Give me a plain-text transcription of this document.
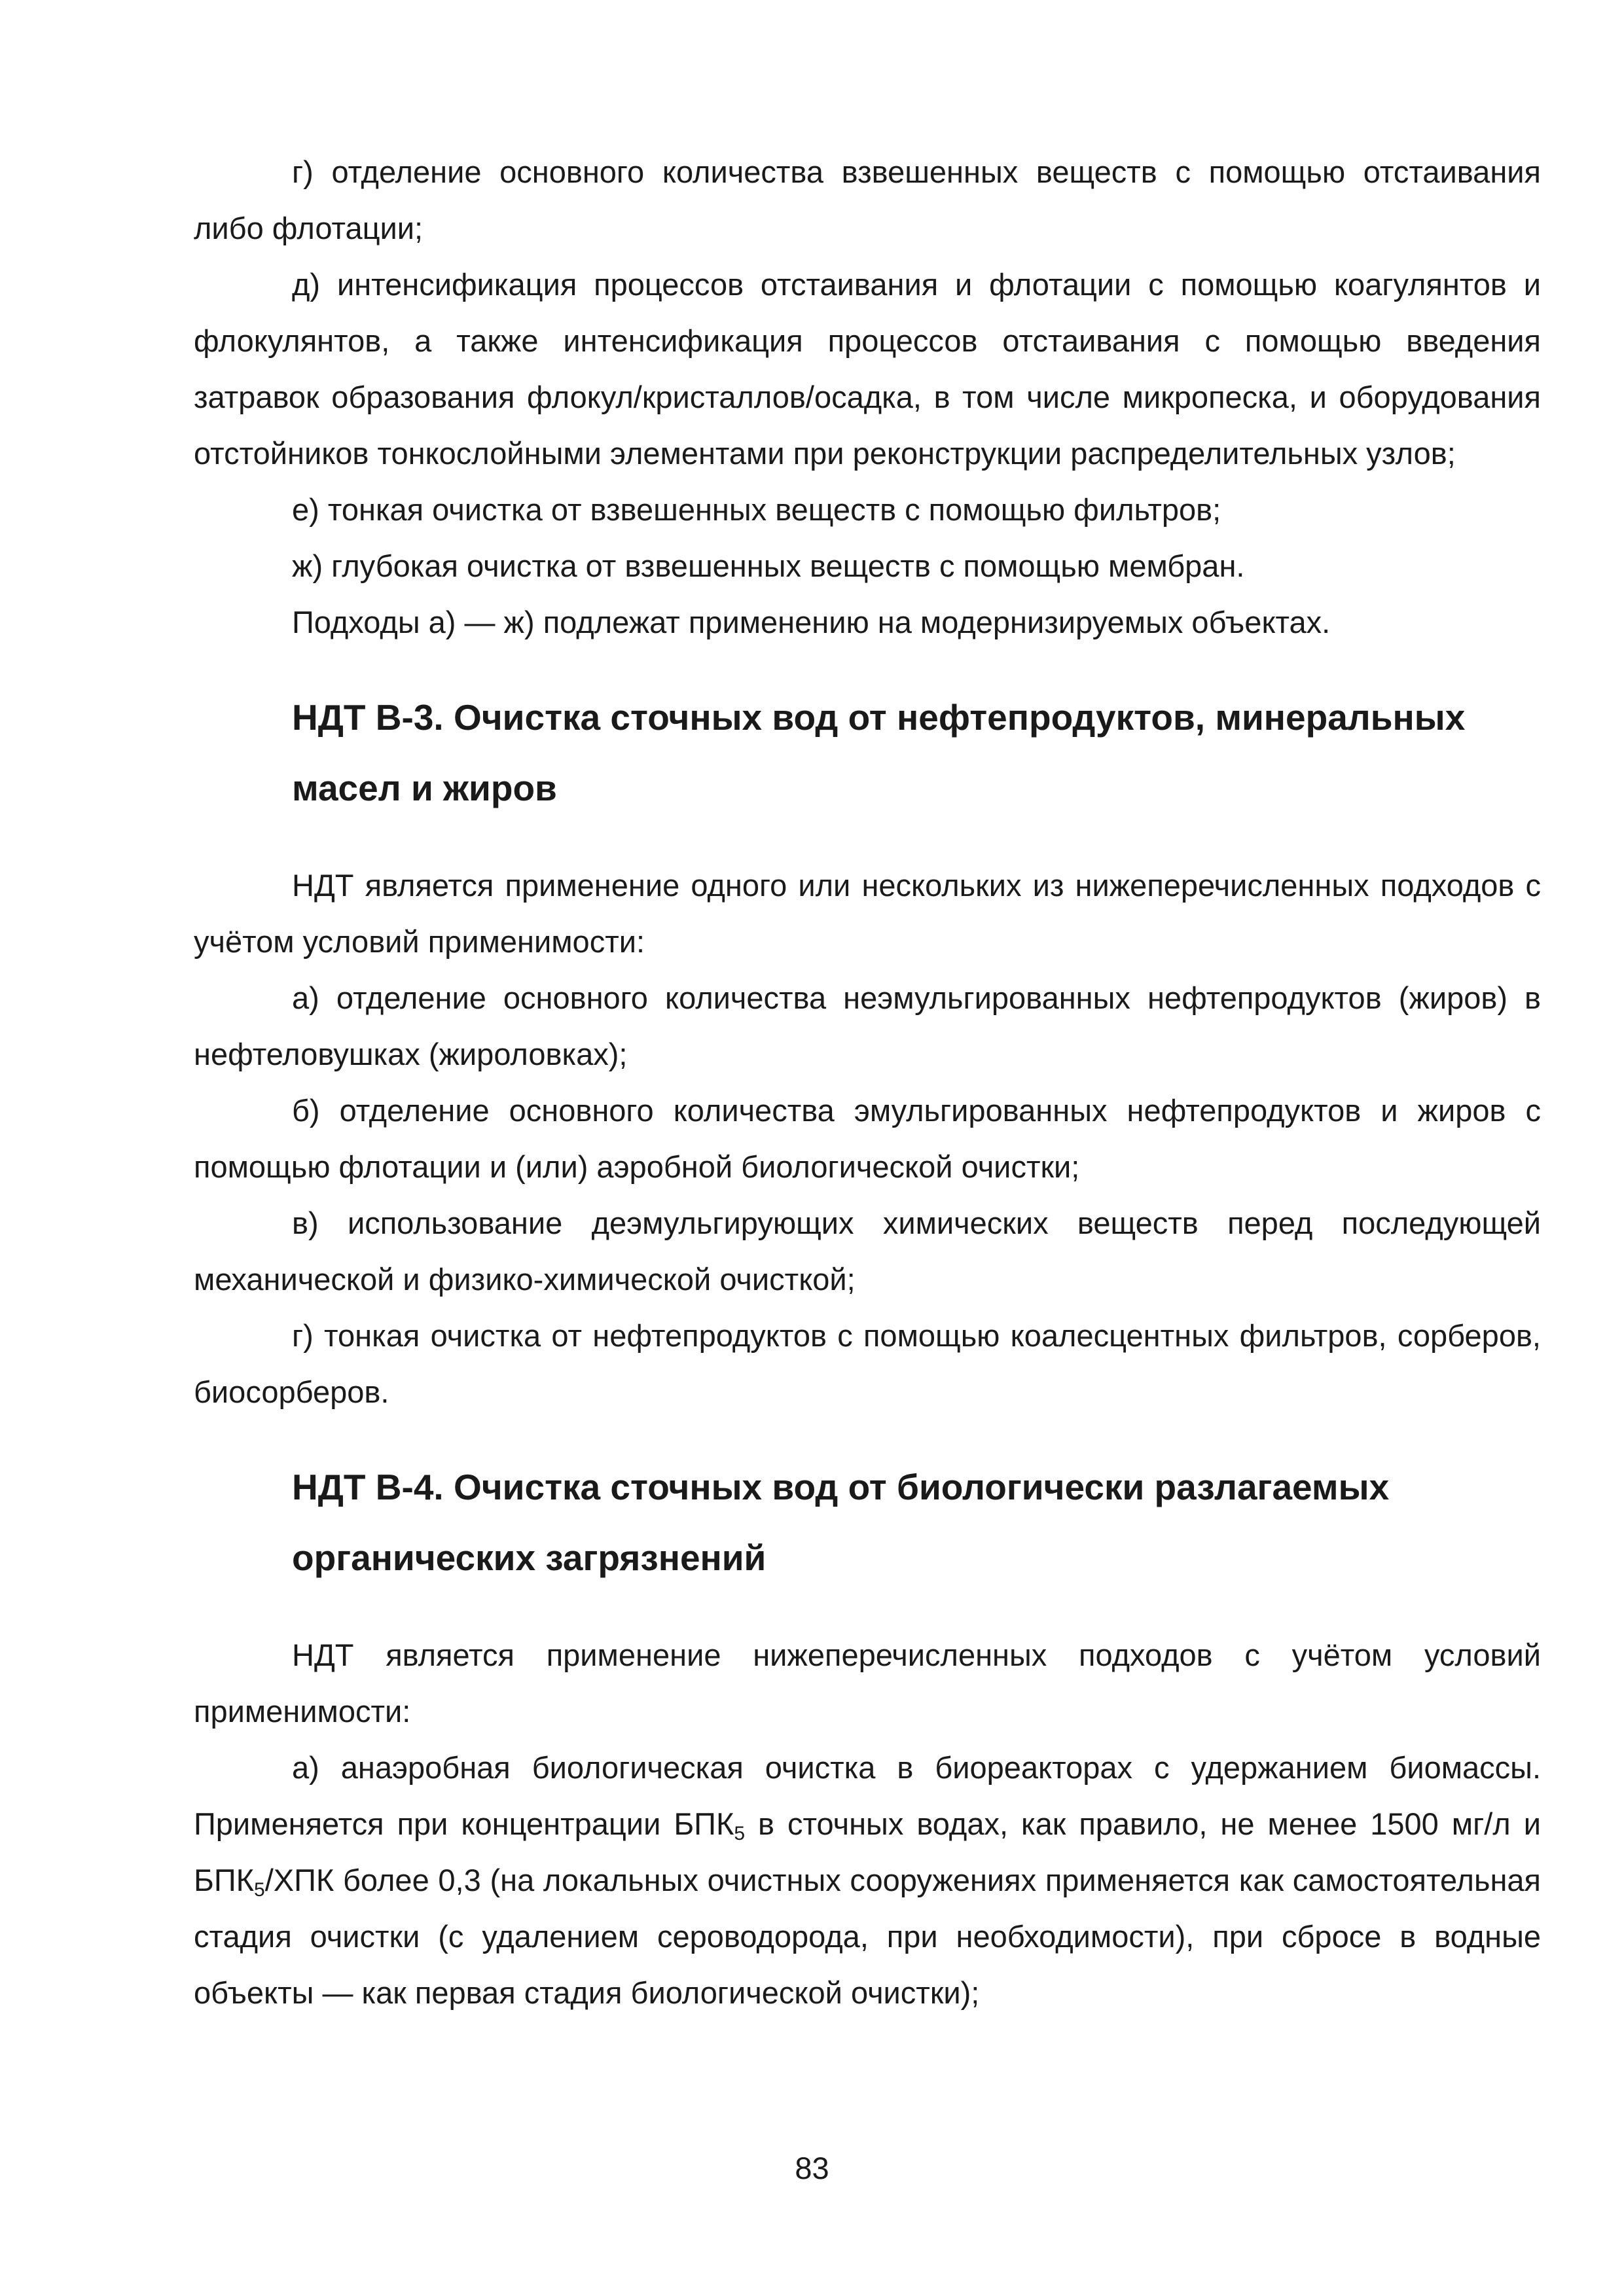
г) отделение основного количества взвешенных веществ с помощью отстаивания либо флотации;

д) интенсификация процессов отстаивания и флотации с помощью коагулянтов и флокулянтов, а также интенсификация процессов отстаивания с помощью введения затравок образования флокул/кристаллов/осадка, в том числе микропеска, и оборудования отстойников тонкослойными элементами при реконструкции распределительных узлов;

е) тонкая очистка от взвешенных веществ с помощью фильтров;

ж) глубокая очистка от взвешенных веществ с помощью мембран.

Подходы а) — ж) подлежат применению на модернизируемых объектах.

НДТ В-3. Очистка сточных вод от нефтепродуктов, минеральных масел и жиров

НДТ является применение одного или нескольких из нижеперечисленных подходов с учётом условий применимости:

а) отделение основного количества неэмульгированных нефтепродуктов (жиров) в нефтеловушках (жироловках);

б) отделение основного количества эмульгированных нефтепродуктов и жиров с помощью флотации и (или) аэробной биологической очистки;

в) использование деэмульгирующих химических веществ перед последующей механической и физико-химической очисткой;

г) тонкая очистка от нефтепродуктов с помощью коалесцентных фильтров, сорберов, биосорберов.

НДТ В-4. Очистка сточных вод от биологически разлагаемых органических загрязнений

НДТ является применение нижеперечисленных подходов с учётом условий применимости:

а) анаэробная биологическая очистка в биореакторах с удержанием биомассы. Применяется при концентрации $БПК_5$ в сточных водах, как правило, не менее 1500 мг/л и $БПК_5$/ХПК более 0,3 (на локальных очистных сооружениях применяется как самостоятельная стадия очистки (с удалением сероводорода, при необходимости), при сбросе в водные объекты — как первая стадия биологической очистки);

83
